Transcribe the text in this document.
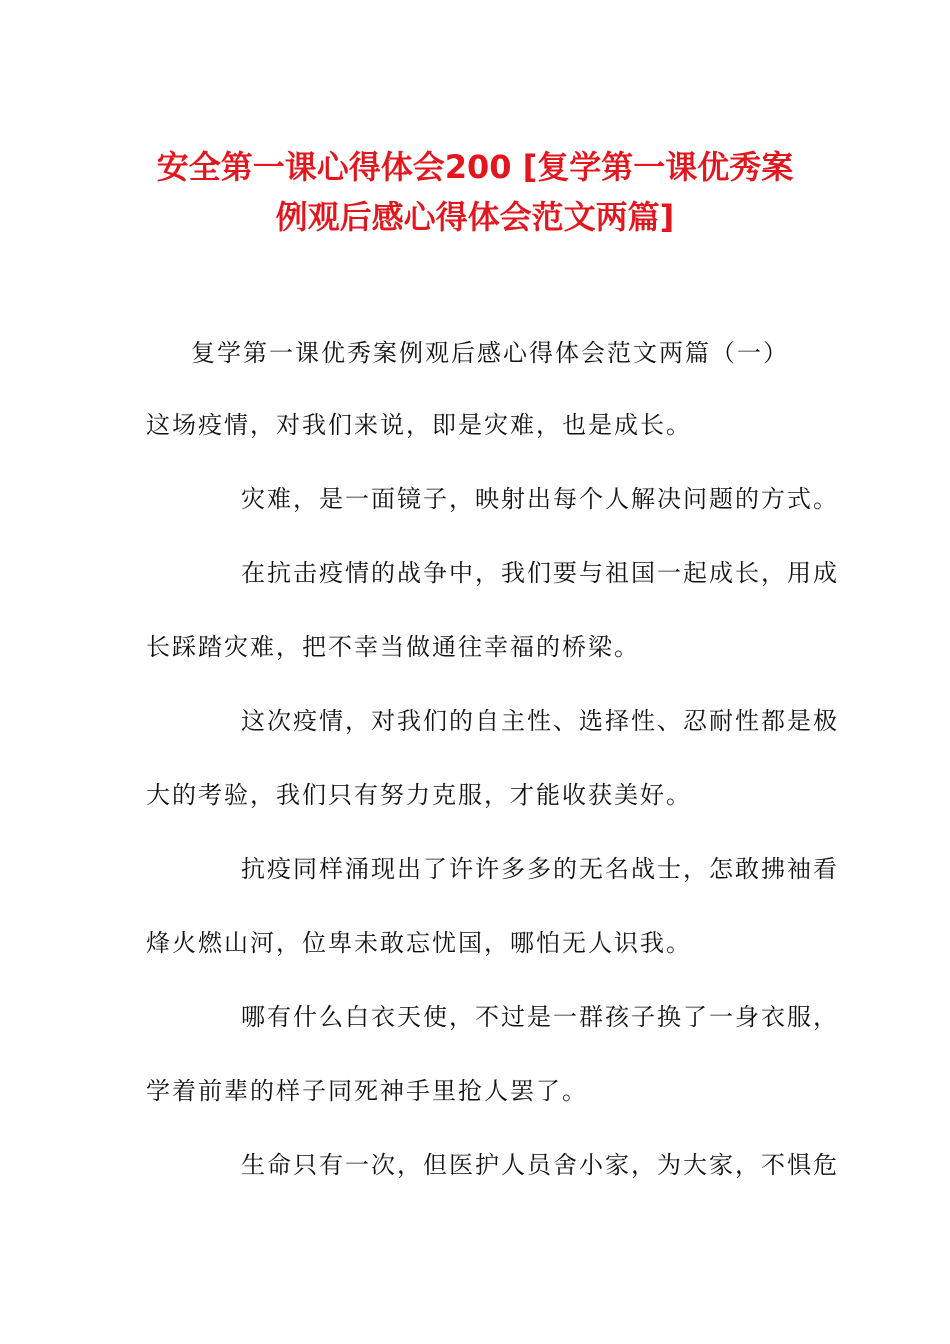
安全第一课心得体会200 [复学第一课优秀案
例观后感心得体会范文两篇]

复学第一课优秀案例观后感心得体会范文两篇（一）

这场疫情，对我们来说，即是灾难，也是成长。

灾难，是一面镜子，映射出每个人解决问题的方式。

在抗击疫情的战争中，我们要与祖国一起成长，用成

长踩踏灾难，把不幸当做通往幸福的桥梁。

这次疫情，对我们的自主性、选择性、忍耐性都是极

大的考验，我们只有努力克服，才能收获美好。

抗疫同样涌现出了许许多多的无名战士，怎敢拂袖看

烽火燃山河，位卑未敢忘忧国，哪怕无人识我。

哪有什么白衣天使，不过是一群孩子换了一身衣服，

学着前辈的样子同死神手里抢人罢了。

生命只有一次，但医护人员舍小家，为大家，不惧危
